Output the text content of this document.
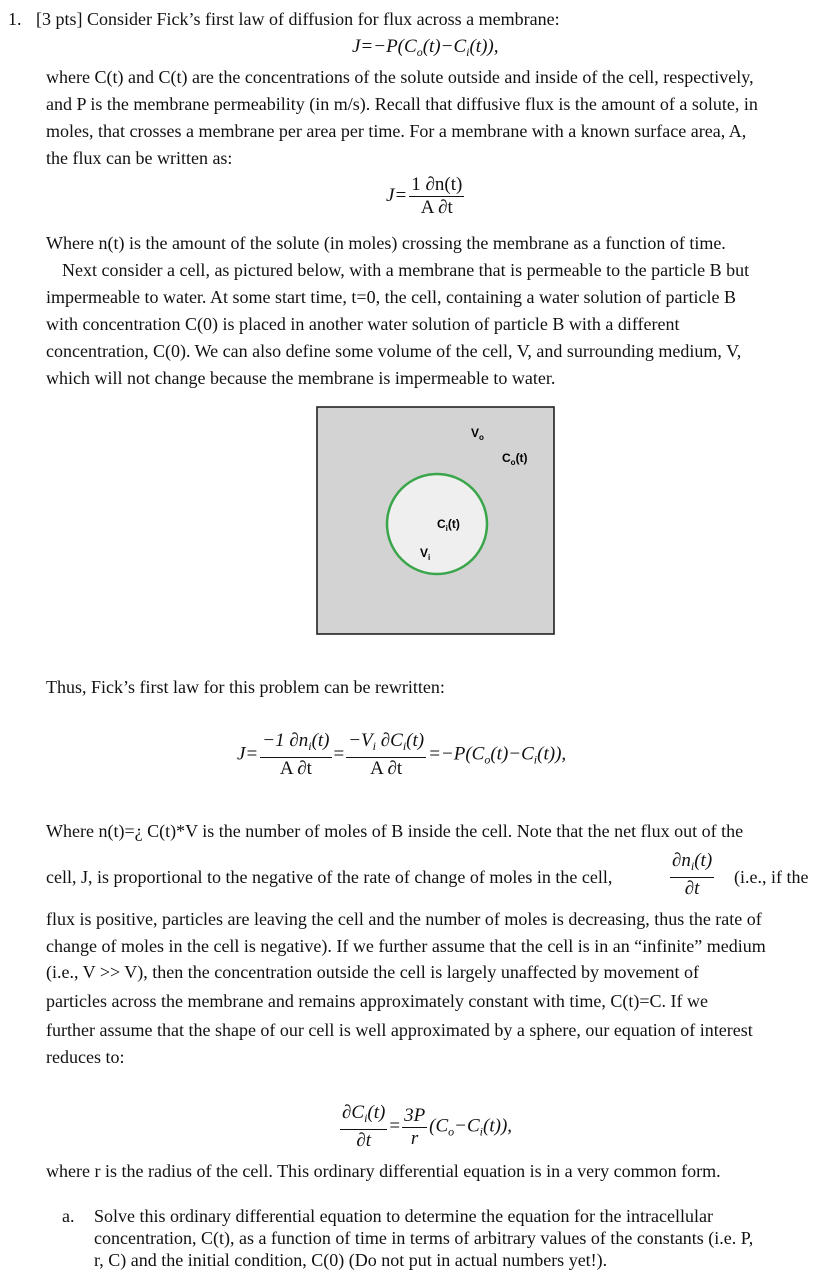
1. [3 pts] Consider Fick’s first law of diffusion for flux across a membrane:
$J=-P(C_o(t)-C_i(t))$,
where C(t) and C(t) are the concentrations of the solute outside and inside of the cell, respectively,
and P is the membrane permeability (in m/s). Recall that diffusive flux is the amount of a solute, in
moles, that crosses a membrane per area per time. For a membrane with a known surface area, A,
the flux can be written as:
$J= \frac{1 \partial n(t)}{A \partial t}$
Where n(t) is the amount of the solute (in moles) crossing the membrane as a function of time.
Next consider a cell, as pictured below, with a membrane that is permeable to the particle B but
impermeable to water. At some start time, t=0, the cell, containing a water solution of particle B
with concentration C(0) is placed in another water solution of particle B with a different
concentration, C(0). We can also define some volume of the cell, V, and surrounding medium, V,
which will not change because the membrane is impermeable to water.
$V_o$
$C_o(t)$
$C_i(t)$
$V_i$
Thus, Fick’s first law for this problem can be rewritten:
$J= \frac{-1 \partial n_i(t)}{A \partial t} = \frac{-V_i \partial C_i(t)}{A \partial t} =-P(C_o(t)-C_i(t))$,
Where n(t)=¿ C(t)*V is the number of moles of B inside the cell. Note that the net flux out of the
cell, J, is proportional to the negative of the rate of change of moles in the cell,	$\frac{\partial n_i(t)}{\partial t} (i.e$., if the
flux is positive, particles are leaving the cell and the number of moles is decreasing, thus the rate of
change of moles in the cell is negative). If we further assume that the cell is in an “infinite” medium
(i.e., V >> V), then the concentration outside the cell is largely unaffected by movement of
particles across the membrane and remains approximately constant with time, C(t)=C. If we
further assume that the shape of our cell is well approximated by a sphere, our equation of interest
reduces to:
$\frac{\partial C_i(t)}{\partial t} = \frac{3P}{r} (C_o-C_i(t))$,
where r is the radius of the cell. This ordinary differential equation is in a very common form.
a. Solve this ordinary differential equation to determine the equation for the intracellular
concentration, C(t), as a function of time in terms of arbitrary values of the constants (i.e. P,
r, C) and the initial condition, C(0) (Do not put in actual numbers yet!).
